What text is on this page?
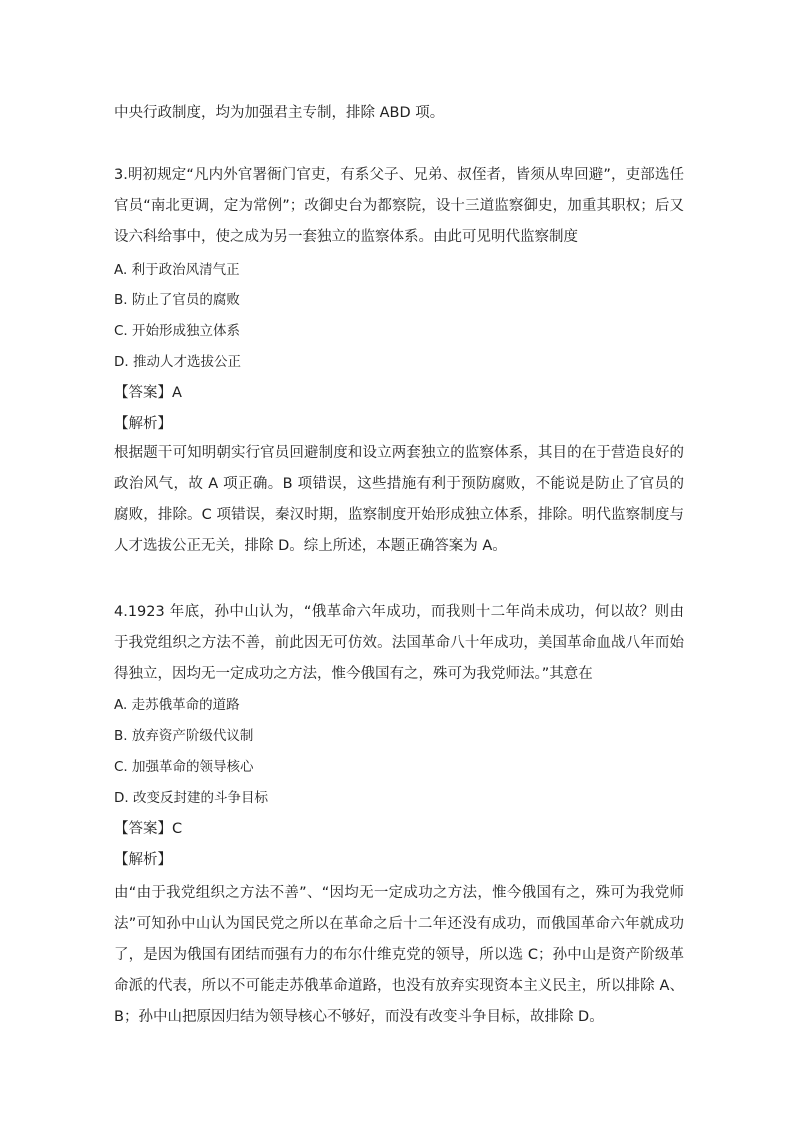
中央行政制度，均为加强君主专制，排除 ABD 项。
3.明初规定“凡内外官署衙门官吏，有系父子、兄弟、叔侄者，皆须从卑回避”，吏部选任官员“南北更调，定为常例”；改御史台为都察院，设十三道监察御史，加重其职权；后又设六科给事中，使之成为另一套独立的监察体系。由此可见明代监察制度
A. 利于政治风清气正
B. 防止了官员的腐败
C. 开始形成独立体系
D. 推动人才选拔公正
【答案】A
【解析】
根据题干可知明朝实行官员回避制度和设立两套独立的监察体系，其目的在于营造良好的政治风气，故 A 项正确。B 项错误，这些措施有利于预防腐败，不能说是防止了官员的腐败，排除。C 项错误，秦汉时期，监察制度开始形成独立体系，排除。明代监察制度与人才选拔公正无关，排除 D。综上所述，本题正确答案为 A。
4.1923 年底，孙中山认为，“俄革命六年成功，而我则十二年尚未成功，何以故？则由于我党组织之方法不善，前此因无可仿效。法国革命八十年成功，美国革命血战八年而始得独立，因均无一定成功之方法，惟今俄国有之，殊可为我党师法。”其意在
A. 走苏俄革命的道路
B. 放弃资产阶级代议制
C. 加强革命的领导核心
D. 改变反封建的斗争目标
【答案】C
【解析】
由“由于我党组织之方法不善”、“因均无一定成功之方法，惟今俄国有之，殊可为我党师法”可知孙中山认为国民党之所以在革命之后十二年还没有成功，而俄国革命六年就成功了，是因为俄国有团结而强有力的布尔什维克党的领导，所以选 C；孙中山是资产阶级革命派的代表，所以不可能走苏俄革命道路，也没有放弃实现资本主义民主，所以排除 A、B；孙中山把原因归结为领导核心不够好，而没有改变斗争目标，故排除 D。
